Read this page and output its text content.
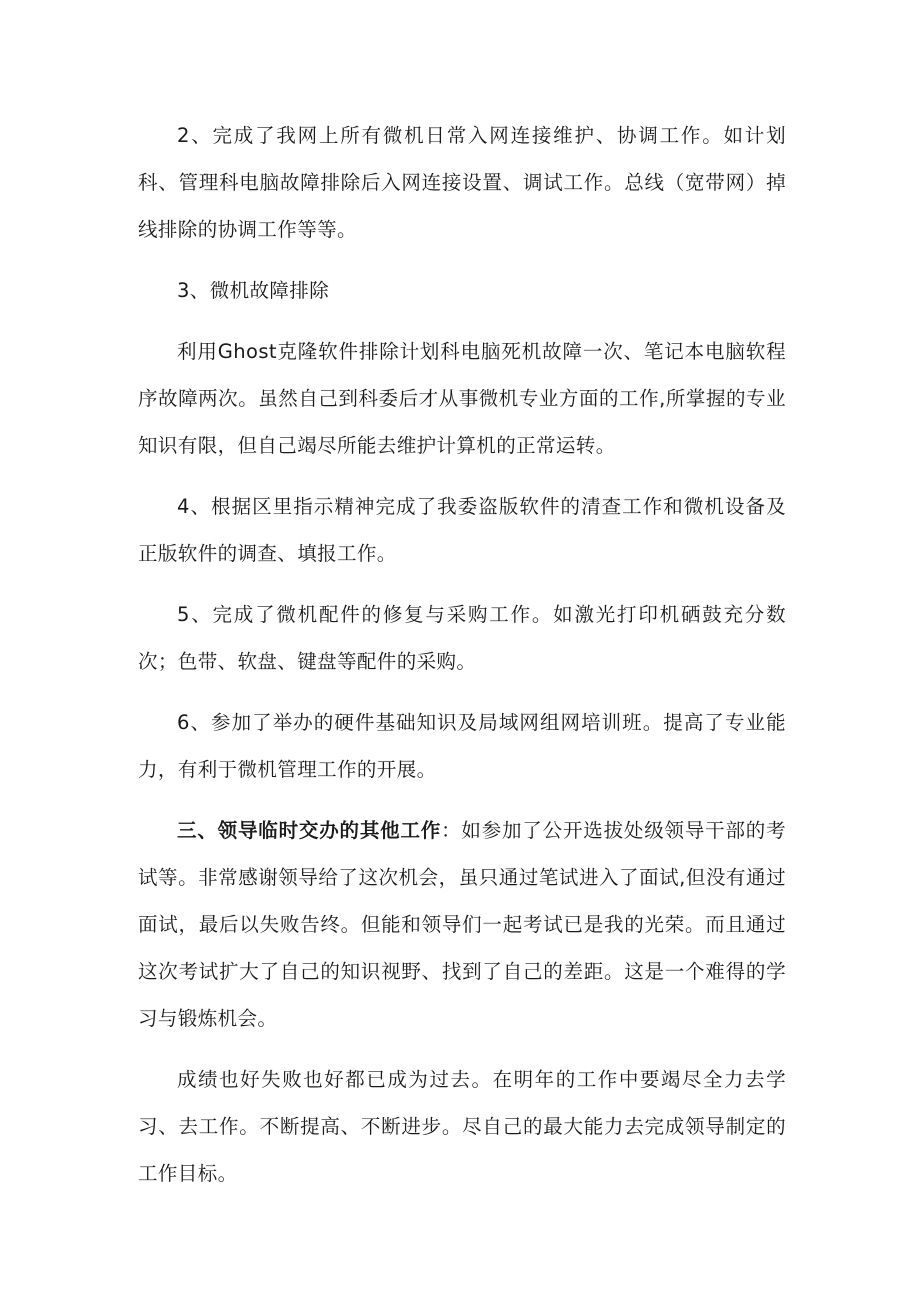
2、完成了我网上所有微机日常入网连接维护、协调工作。如计划科、管理科电脑故障排除后入网连接设置、调试工作。总线（宽带网）掉线排除的协调工作等等。

3、微机故障排除

利用Ghost克隆软件排除计划科电脑死机故障一次、笔记本电脑软程序故障两次。虽然自己到科委后才从事微机专业方面的工作,所掌握的专业知识有限，但自己竭尽所能去维护计算机的正常运转。

4、根据区里指示精神完成了我委盗版软件的清查工作和微机设备及正版软件的调查、填报工作。

5、完成了微机配件的修复与采购工作。如激光打印机硒鼓充分数次；色带、软盘、键盘等配件的采购。

6、参加了举办的硬件基础知识及局域网组网培训班。提高了专业能力，有利于微机管理工作的开展。

三、领导临时交办的其他工作：如参加了公开选拔处级领导干部的考试等。非常感谢领导给了这次机会，虽只通过笔试进入了面试,但没有通过面试，最后以失败告终。但能和领导们一起考试已是我的光荣。而且通过这次考试扩大了自己的知识视野、找到了自己的差距。这是一个难得的学习与锻炼机会。

成绩也好失败也好都已成为过去。在明年的工作中要竭尽全力去学习、去工作。不断提高、不断进步。尽自己的最大能力去完成领导制定的工作目标。
